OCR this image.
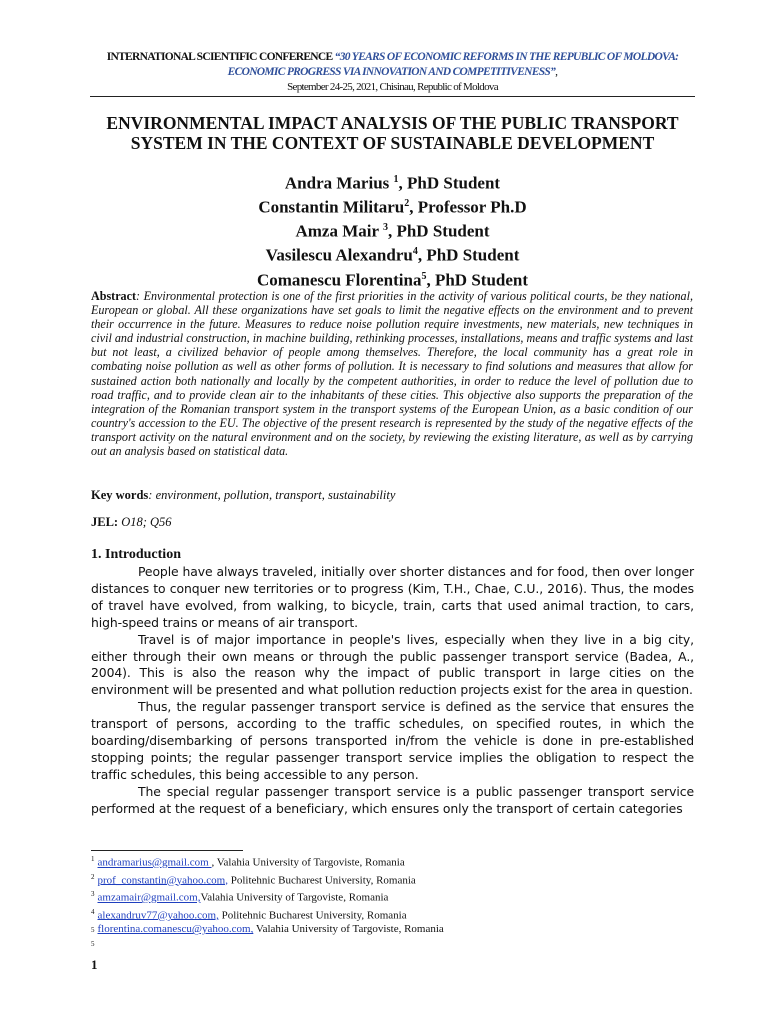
INTERNATIONAL SCIENTIFIC CONFERENCE “30 YEARS OF ECONOMIC REFORMS IN THE REPUBLIC OF MOLDOVA:
ECONOMIC PROGRESS VIA INNOVATION AND COMPETITIVENESS”,
September 24-25, 2021, Chisinau, Republic of Moldova
ENVIRONMENTAL IMPACT ANALYSIS OF THE PUBLIC TRANSPORT SYSTEM IN THE CONTEXT OF SUSTAINABLE DEVELOPMENT
Andra Marius $^1$, PhD Student
Constantin Militaru$^2$, Professor Ph.D
Amza Mair $^3$, PhD Student
Vasilescu Alexandru$^4$, PhD Student
Comanescu Florentina$^5$, PhD Student
Abstract: Environmental protection is one of the first priorities in the activity of various political courts, be they national, European or global. All these organizations have set goals to limit the negative effects on the environment and to prevent their occurrence in the future. Measures to reduce noise pollution require investments, new materials, new techniques in civil and industrial construction, in machine building, rethinking processes, installations, means and traffic systems and last but not least, a civilized behavior of people among themselves. Therefore, the local community has a great role in combating noise pollution as well as other forms of pollution. It is necessary to find solutions and measures that allow for sustained action both nationally and locally by the competent authorities, in order to reduce the level of pollution due to road traffic, and to provide clean air to the inhabitants of these cities. This objective also supports the preparation of the integration of the Romanian transport system in the transport systems of the European Union, as a basic condition of our country's accession to the EU. The objective of the present research is represented by the study of the negative effects of the transport activity on the natural environment and on the society, by reviewing the existing literature, as well as by carrying out an analysis based on statistical data.
Key words: environment, pollution, transport, sustainability
JEL: O18; Q56
1. Introduction

People have always traveled, initially over shorter distances and for food, then over longer distances to conquer new territories or to progress (Kim, T.H., Chae, C.U., 2016). Thus, the modes of travel have evolved, from walking, to bicycle, train, carts that used animal traction, to cars, high-speed trains or means of air transport.

Travel is of major importance in people's lives, especially when they live in a big city, either through their own means or through the public passenger transport service (Badea, A., 2004). This is also the reason why the impact of public transport in large cities on the environment will be presented and what pollution reduction projects exist for the area in question.

Thus, the regular passenger transport service is defined as the service that ensures the transport of persons, according to the traffic schedules, on specified routes, in which the boarding/disembarking of persons transported in/from the vehicle is done in pre-established stopping points; the regular passenger transport service implies the obligation to respect the traffic schedules, this being accessible to any person.

The special regular passenger transport service is a public passenger transport service performed at the request of a beneficiary, which ensures only the transport of certain categories

$^1$ andramarius@gmail.com , Valahia University of Targoviste, Romania
$^2$ prof_constantin@yahoo.com, Politehnic Bucharest University, Romania
$^3$ amzamair@gmail.com,Valahia University of Targoviste, Romania
$^4$ alexandruv77@yahoo.com, Politehnic Bucharest University, Romania
5 florentina.comanescu@yahoo.com, Valahia University of Targoviste, Romania
5
1
